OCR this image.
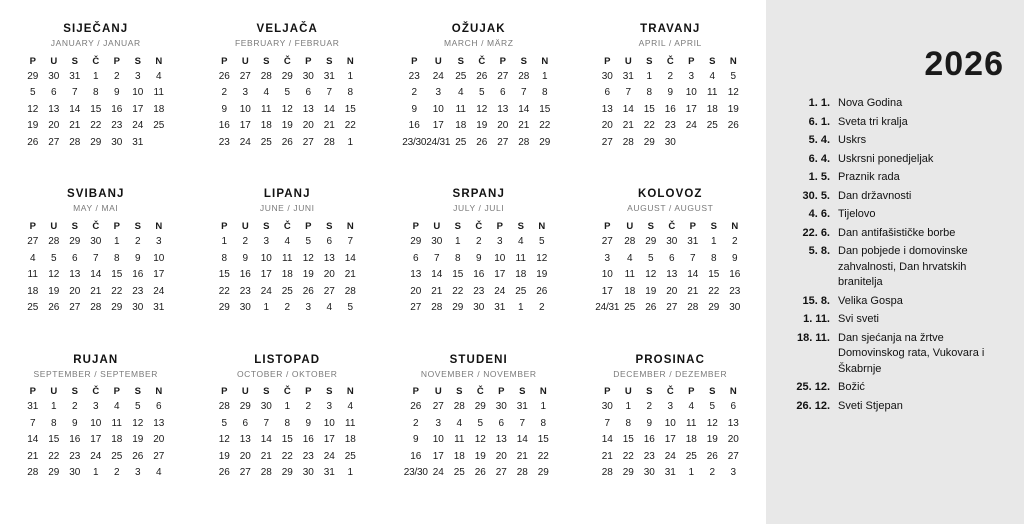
SIJEČANJ
JANUARY / JANUAR
P	U	S	Č	P	S	N
29	30	31	1	2	3	4
5	6	7	8	9	10	11
12	13	14	15	16	17	18
19	20	21	22	23	24	25
26	27	28	29	30	31	
VELJAČA
FEBRUARY / FEBRUAR
P	U	S	Č	P	S	N
26	27	28	29	30	31	1
2	3	4	5	6	7	8
9	10	11	12	13	14	15
16	17	18	19	20	21	22
23	24	25	26	27	28	1
OŽUJAK
MARCH / MÄRZ
P	U	S	Č	P	S	N
23	24	25	26	27	28	1
2	3	4	5	6	7	8
9	10	11	12	13	14	15
16	17	18	19	20	21	22
23/30	24/31	25	26	27	28	29
TRAVANJ
APRIL / APRIL
P	U	S	Č	P	S	N
30	31	1	2	3	4	5
6	7	8	9	10	11	12
13	14	15	16	17	18	19
20	21	22	23	24	25	26
27	28	29	30			
SVIBANJ
MAY / MAI
P	U	S	Č	P	S	N
27	28	29	30	1	2	3
4	5	6	7	8	9	10
11	12	13	14	15	16	17
18	19	20	21	22	23	24
25	26	27	28	29	30	31
LIPANJ
JUNE / JUNI
P	U	S	Č	P	S	N
1	2	3	4	5	6	7
8	9	10	11	12	13	14
15	16	17	18	19	20	21
22	23	24	25	26	27	28
29	30	1	2	3	4	5
SRPANJ
JULY / JULI
P	U	S	Č	P	S	N
29	30	1	2	3	4	5
6	7	8	9	10	11	12
13	14	15	16	17	18	19
20	21	22	23	24	25	26
27	28	29	30	31	1	2
KOLOVOZ
AUGUST / AUGUST
P	U	S	Č	P	S	N
27	28	29	30	31	1	2
3	4	5	6	7	8	9
10	11	12	13	14	15	16
17	18	19	20	21	22	23
24/31	25	26	27	28	29	30
RUJAN
SEPTEMBER / SEPTEMBER
P	U	S	Č	P	S	N
31	1	2	3	4	5	6
7	8	9	10	11	12	13
14	15	16	17	18	19	20
21	22	23	24	25	26	27
28	29	30	1	2	3	4
LISTOPAD
OCTOBER / OKTOBER
P	U	S	Č	P	S	N
28	29	30	1	2	3	4
5	6	7	8	9	10	11
12	13	14	15	16	17	18
19	20	21	22	23	24	25
26	27	28	29	30	31	1
STUDENI
NOVEMBER / NOVEMBER
P	U	S	Č	P	S	N
26	27	28	29	30	31	1
2	3	4	5	6	7	8
9	10	11	12	13	14	15
16	17	18	19	20	21	22
23/30	24	25	26	27	28	29
PROSINAC
DECEMBER / DEZEMBER
P	U	S	Č	P	S	N
30	1	2	3	4	5	6
7	8	9	10	11	12	13
14	15	16	17	18	19	20
21	22	23	24	25	26	27
28	29	30	31	1	2	3
2026
1. 1. Nova Godina
6. 1. Sveta tri kralja
5. 4. Uskrs
6. 4. Uskrsni ponedjeljak
1. 5. Praznik rada
30. 5. Dan državnosti
4. 6. Tijelovo
22. 6. Dan antifašističke borbe
5. 8. Dan pobjede i domovinske zahvalnosti, Dan hrvatskih branitelja
15. 8. Velika Gospa
1. 11. Svi sveti
18. 11. Dan sjećanja na žrtve Domovinskog rata, Vukovara i Škabrnje
25. 12. Božić
26. 12. Sveti Stjepan
